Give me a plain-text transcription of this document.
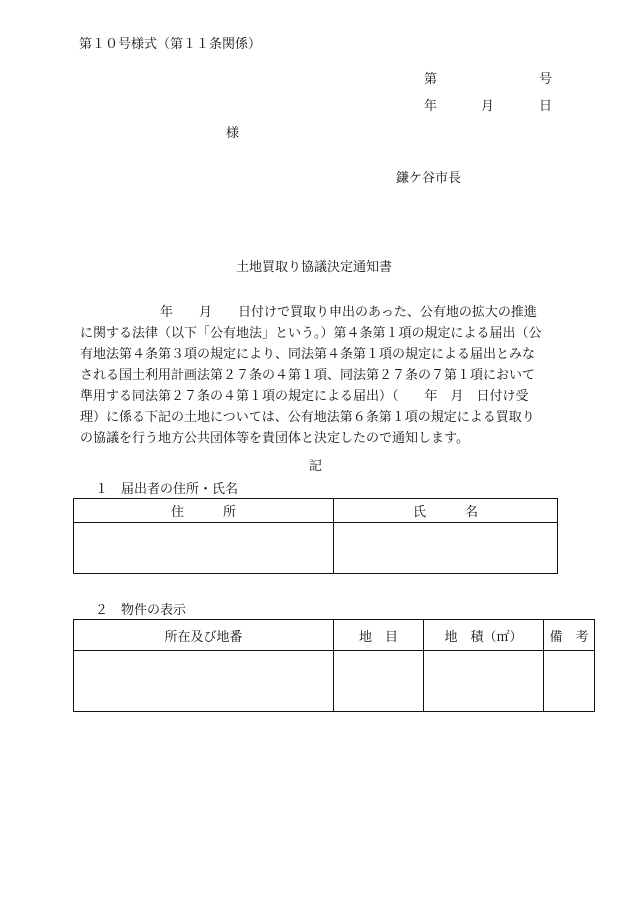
第１０号様式（第１１条関係）
第	号
年	月	日
様
鎌ケ谷市長
土地買取り協議決定通知書
年　　月　　日付けで買取り申出のあった、公有地の拡大の推進
に関する法律（以下「公有地法」という。）第４条第１項の規定による届出（公
有地法第４条第３項の規定により、同法第４条第１項の規定による届出とみな
される国土利用計画法第２７条の４第１項、同法第２７条の７第１項において
準用する同法第２７条の４第１項の規定による届出）（　　年　月　日付け受
理）に係る下記の土地については、公有地法第６条第１項の規定による買取り
の協議を行う地方公共団体等を貴団体と決定したので通知します。
記
１　届出者の住所・氏名
住　　　所	氏　　　名

２　物件の表示
所在及び地番	地　目	地　積（㎡）	備　考
